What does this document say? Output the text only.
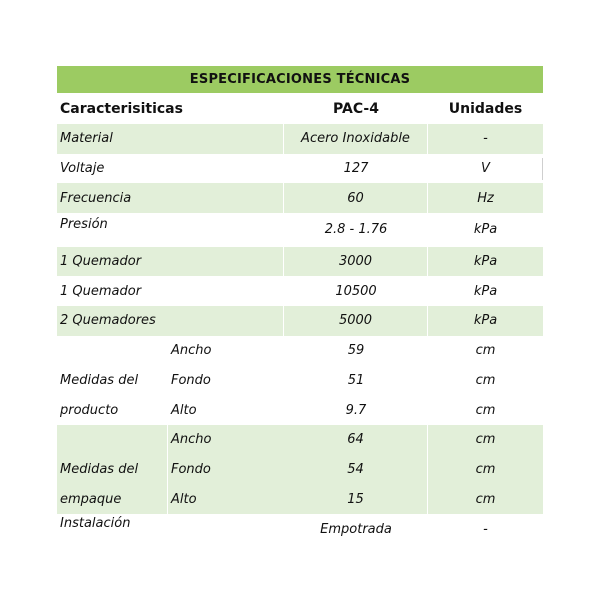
ESPECIFICACIONES TÉCNICAS
Caracterisiticas		PAC-4	Unidades
Material		Acero Inoxidable	-
Voltaje		127	V

Frecuencia		60	Hz
Presión		2.8 - 1.76	kPa
1 Quemador		3000	kPa
1 Quemador		10500	kPa
2 Quemadores		5000	kPa
	Ancho	59	cm
Medidas del	Fondo	51	cm
producto	Alto	9.7	cm
	Ancho	64	cm
Medidas del	Fondo	54	cm
empaque	Alto	15	cm
Instalación		Empotrada	-
